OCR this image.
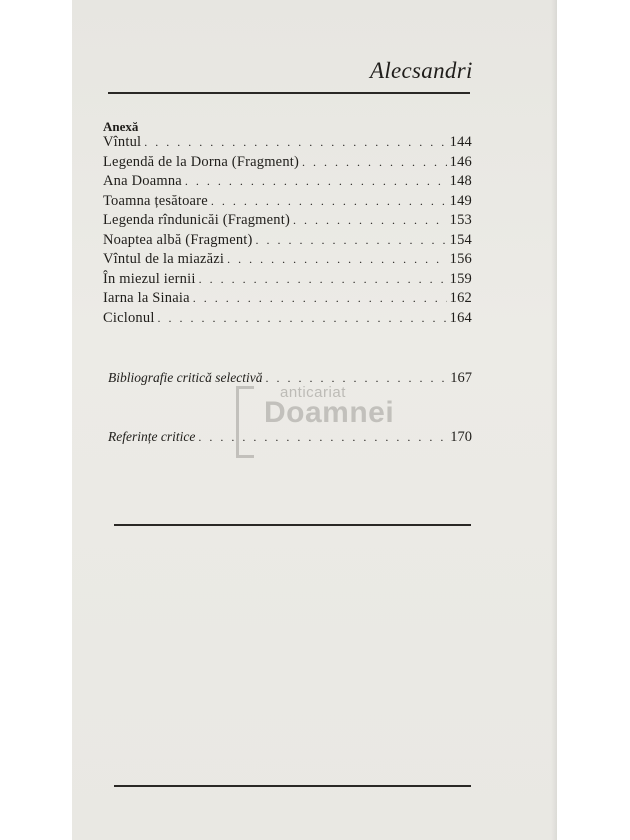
Alecsandri
Anexă
Vîntul . . .	144
Legendă de la Dorna (Fragment) . . .	146
Ana Doamna . . .	148
Toamna țesătoare . . .	149
Legenda rîndunicăi (Fragment) . . .	153
Noaptea albă (Fragment) . . .	154
Vîntul de la miazăzi . . .	156
În miezul iernii . . .	159
Iarna la Sinaia . . .	162
Ciclonul . . .	164
Bibliografie critică selectivă . . .	167
anticariat
Doamnei
Referințe critice . . .	170
